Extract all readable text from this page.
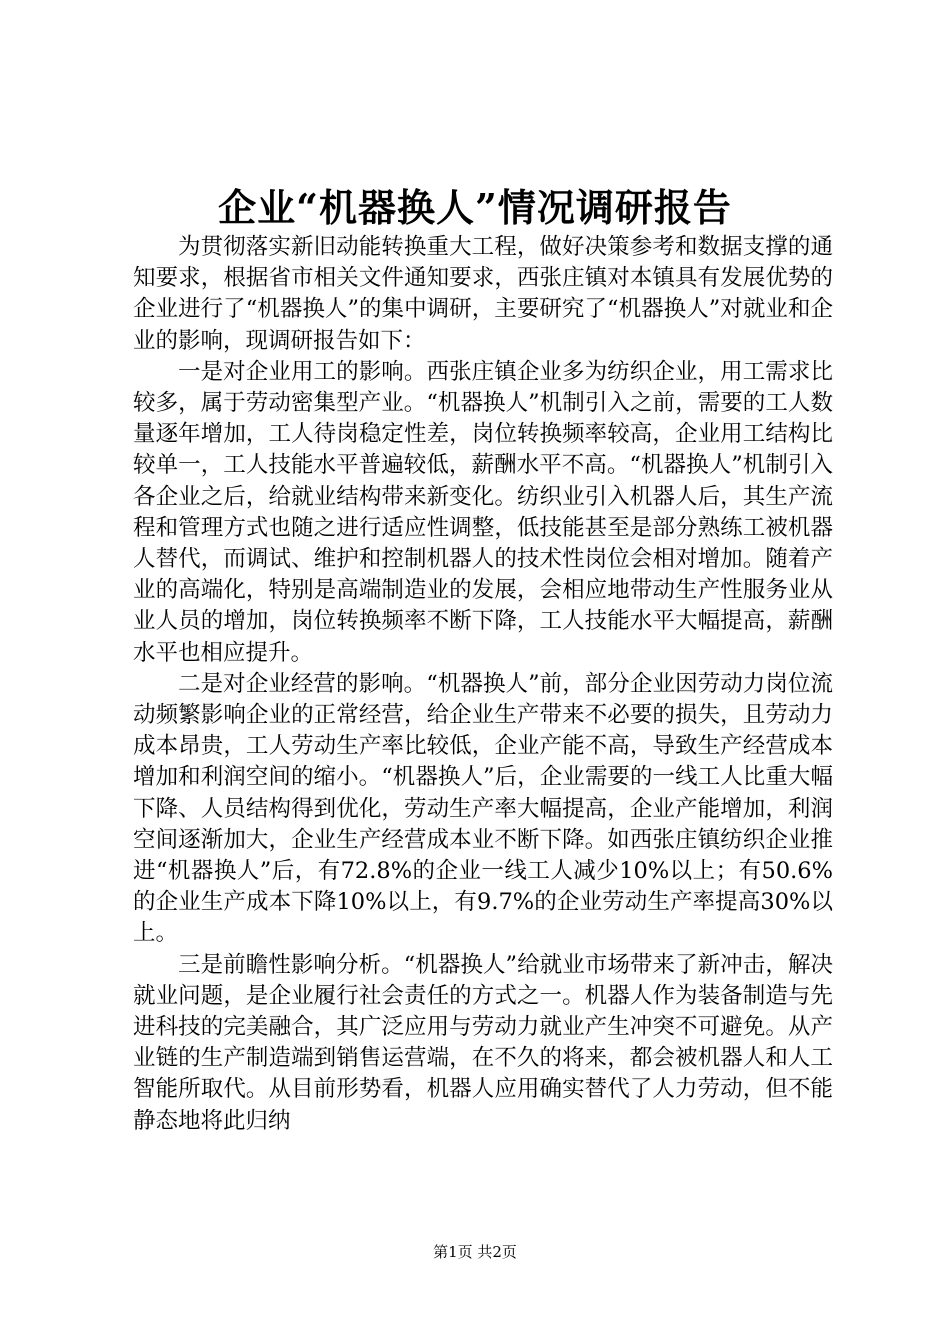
企业“机器换人”情况调研报告

为贯彻落实新旧动能转换重大工程，做好决策参考和数据支撑的通知要求，根据省市相关文件通知要求，西张庄镇对本镇具有发展优势的企业进行了“机器换人”的集中调研，主要研究了“机器换人”对就业和企业的影响，现调研报告如下：

一是对企业用工的影响。西张庄镇企业多为纺织企业，用工需求比较多，属于劳动密集型产业。“机器换人”机制引入之前，需要的工人数量逐年增加，工人待岗稳定性差，岗位转换频率较高，企业用工结构比较单一，工人技能水平普遍较低，薪酬水平不高。“机器换人”机制引入各企业之后，给就业结构带来新变化。纺织业引入机器人后，其生产流程和管理方式也随之进行适应性调整，低技能甚至是部分熟练工被机器人替代，而调试、维护和控制机器人的技术性岗位会相对增加。随着产业的高端化，特别是高端制造业的发展，会相应地带动生产性服务业从业人员的增加，岗位转换频率不断下降，工人技能水平大幅提高，薪酬水平也相应提升。

二是对企业经营的影响。“机器换人”前，部分企业因劳动力岗位流动频繁影响企业的正常经营，给企业生产带来不必要的损失，且劳动力成本昂贵，工人劳动生产率比较低，企业产能不高，导致生产经营成本增加和利润空间的缩小。“机器换人”后，企业需要的一线工人比重大幅下降、人员结构得到优化，劳动生产率大幅提高，企业产能增加，利润空间逐渐加大，企业生产经营成本业不断下降。如西张庄镇纺织企业推进“机器换人”后，有72.8%的企业一线工人减少10%以上；有50.6%的企业生产成本下降10%以上，有9.7%的企业劳动生产率提高30%以上。

三是前瞻性影响分析。“机器换人”给就业市场带来了新冲击，解决就业问题，是企业履行社会责任的方式之一。机器人作为装备制造与先进科技的完美融合，其广泛应用与劳动力就业产生冲突不可避免。从产业链的生产制造端到销售运营端，在不久的将来，都会被机器人和人工智能所取代。从目前形势看，机器人应用确实替代了人力劳动，但不能静态地将此归纳

第1页 共2页
